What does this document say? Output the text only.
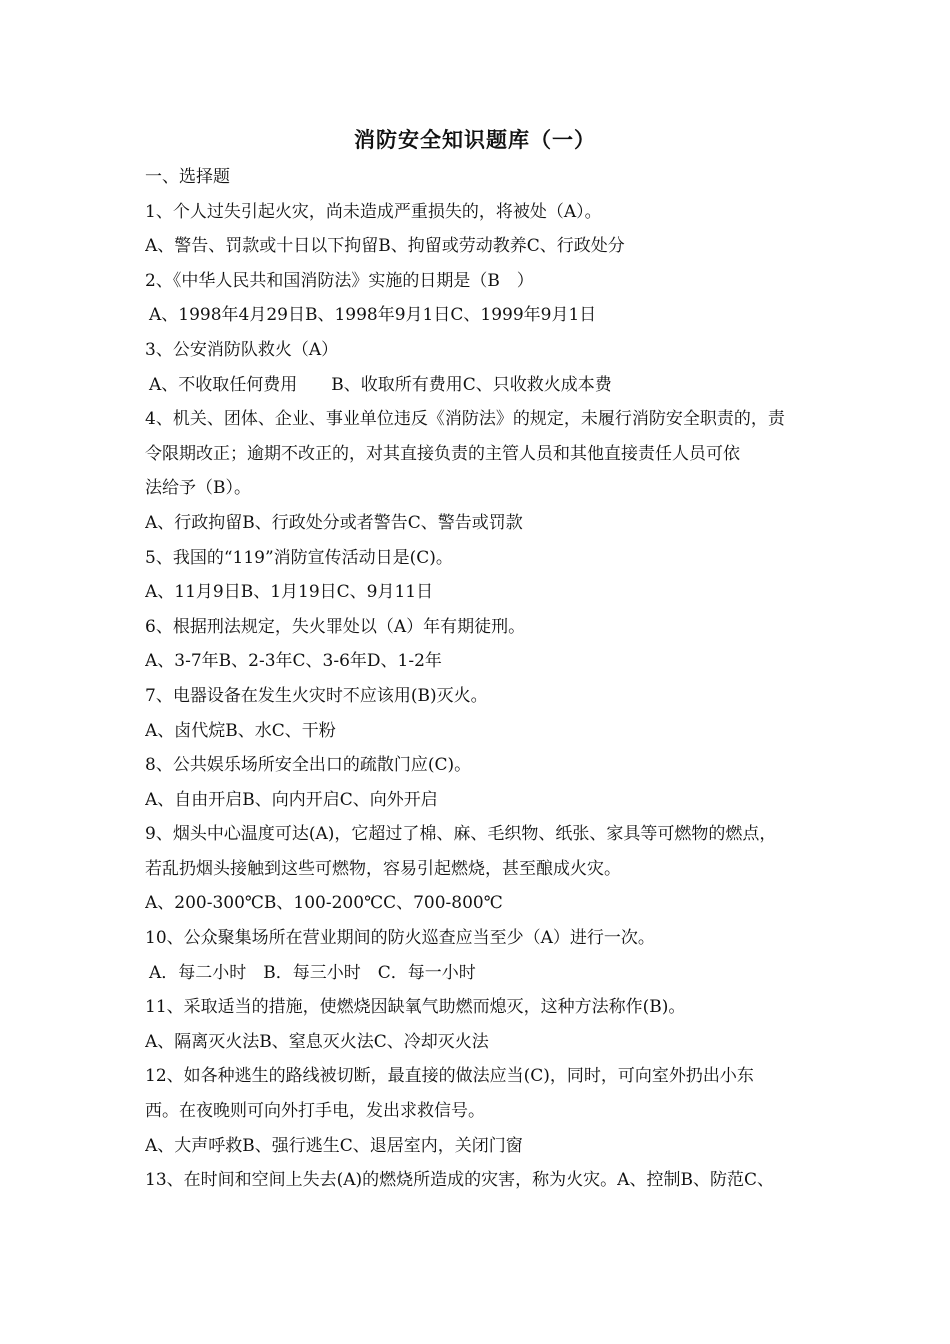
消防安全知识题库（一）
一、选择题
1、个人过失引起火灾，尚未造成严重损失的，将被处（A）。
A、警告、罚款或十日以下拘留B、拘留或劳动教养C、行政处分
2、《中华人民共和国消防法》实施的日期是（B　）
A、1998年4月29日B、1998年9月1日C、1999年9月1日
3、公安消防队救火（A）
A、不收取任何费用　　B、收取所有费用C、只收救火成本费
4、机关、团体、企业、事业单位违反《消防法》的规定，未履行消防安全职责的，责
令限期改正；逾期不改正的，对其直接负责的主管人员和其他直接责任人员可依
法给予（B）。
A、行政拘留B、行政处分或者警告C、警告或罚款
5、我国的“119”消防宣传活动日是(C)。
A、11月9日B、1月19日C、9月11日
6、根据刑法规定，失火罪处以（A）年有期徒刑。
A、3-7年B、2-3年C、3-6年D、1-2年
7、电器设备在发生火灾时不应该用(B)灭火。
A、卤代烷B、水C、干粉
8、公共娱乐场所安全出口的疏散门应(C)。
A、自由开启B、向内开启C、向外开启
9、烟头中心温度可达(A)，它超过了棉、麻、毛织物、纸张、家具等可燃物的燃点，
若乱扔烟头接触到这些可燃物，容易引起燃烧，甚至酿成火灾。
A、200-300℃B、100-200℃C、700-800℃
10、公众聚集场所在营业期间的防火巡查应当至少（A）进行一次。
A．每二小时　B．每三小时　C．每一小时
11、采取适当的措施，使燃烧因缺氧气助燃而熄灭，这种方法称作(B)。
A、隔离灭火法B、窒息灭火法C、冷却灭火法
12、如各种逃生的路线被切断，最直接的做法应当(C)，同时，可向室外扔出小东
西。在夜晚则可向外打手电，发出求救信号。
A、大声呼救B、强行逃生C、退居室内，关闭门窗
13、在时间和空间上失去(A)的燃烧所造成的灾害，称为火灾。A、控制B、防范C、
